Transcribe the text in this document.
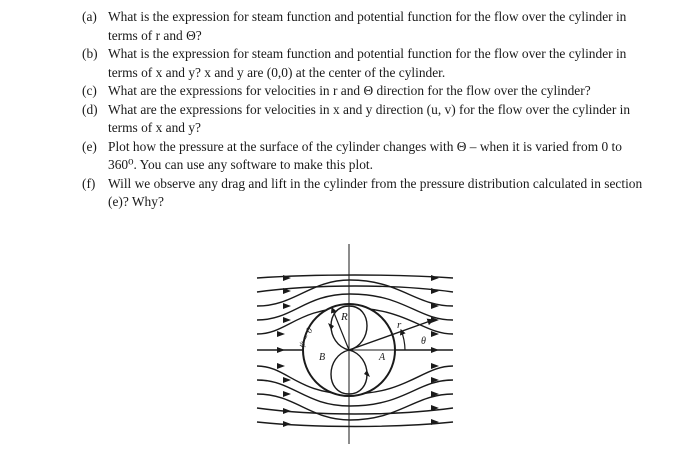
(a) What is the expression for steam function and potential function for the flow over the cylinder in terms of r and Θ?
(b) What is the expression for steam function and potential function for the flow over the cylinder in terms of x and y? x and y are (0,0) at the center of the cylinder.
(c) What are the expressions for velocities in r and Θ direction for the flow over the cylinder?
(d) What are the expressions for velocities in x and y direction (u, v) for the flow over the cylinder in terms of x and y?
(e) Plot how the pressure at the surface of the cylinder changes with Θ – when it is varied from 0 to 360⁰. You can use any software to make this plot.
(f) Will we observe any drag and lift in the cylinder from the pressure distribution calculated in section (e)? Why?
R
r
θ
A
B
ψ = 0
